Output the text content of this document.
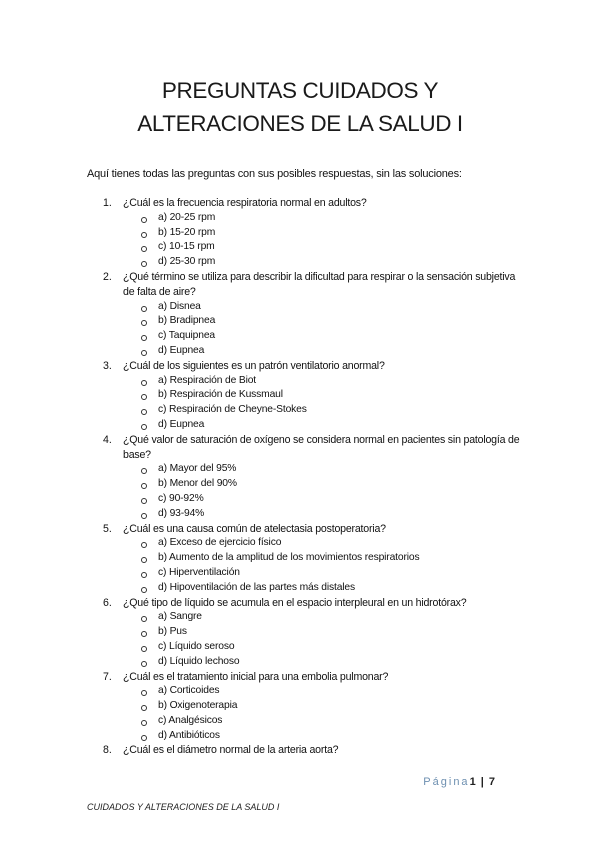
PREGUNTAS CUIDADOS Y
ALTERACIONES DE LA SALUD I
Aquí tienes todas las preguntas con sus posibles respuestas, sin las soluciones:
1. ¿Cuál es la frecuencia respiratoria normal en adultos?
a) 20-25 rpm
b) 15-20 rpm
c) 10-15 rpm
d) 25-30 rpm
2. ¿Qué término se utiliza para describir la dificultad para respirar o la sensación subjetiva de falta de aire?
a) Disnea
b) Bradipnea
c) Taquipnea
d) Eupnea
3. ¿Cuál de los siguientes es un patrón ventilatorio anormal?
a) Respiración de Biot
b) Respiración de Kussmaul
c) Respiración de Cheyne-Stokes
d) Eupnea
4. ¿Qué valor de saturación de oxígeno se considera normal en pacientes sin patología de base?
a) Mayor del 95%
b) Menor del 90%
c) 90-92%
d) 93-94%
5. ¿Cuál es una causa común de atelectasia postoperatoria?
a) Exceso de ejercicio físico
b) Aumento de la amplitud de los movimientos respiratorios
c) Hiperventilación
d) Hipoventilación de las partes más distales
6. ¿Qué tipo de líquido se acumula en el espacio interpleural en un hidrotórax?
a) Sangre
b) Pus
c) Líquido seroso
d) Líquido lechoso
7. ¿Cuál es el tratamiento inicial para una embolia pulmonar?
a) Corticoides
b) Oxigenoterapia
c) Analgésicos
d) Antibióticos
8. ¿Cuál es el diámetro normal de la arteria aorta?
Página1 | 7
CUIDADOS Y ALTERACIONES DE LA SALUD I
